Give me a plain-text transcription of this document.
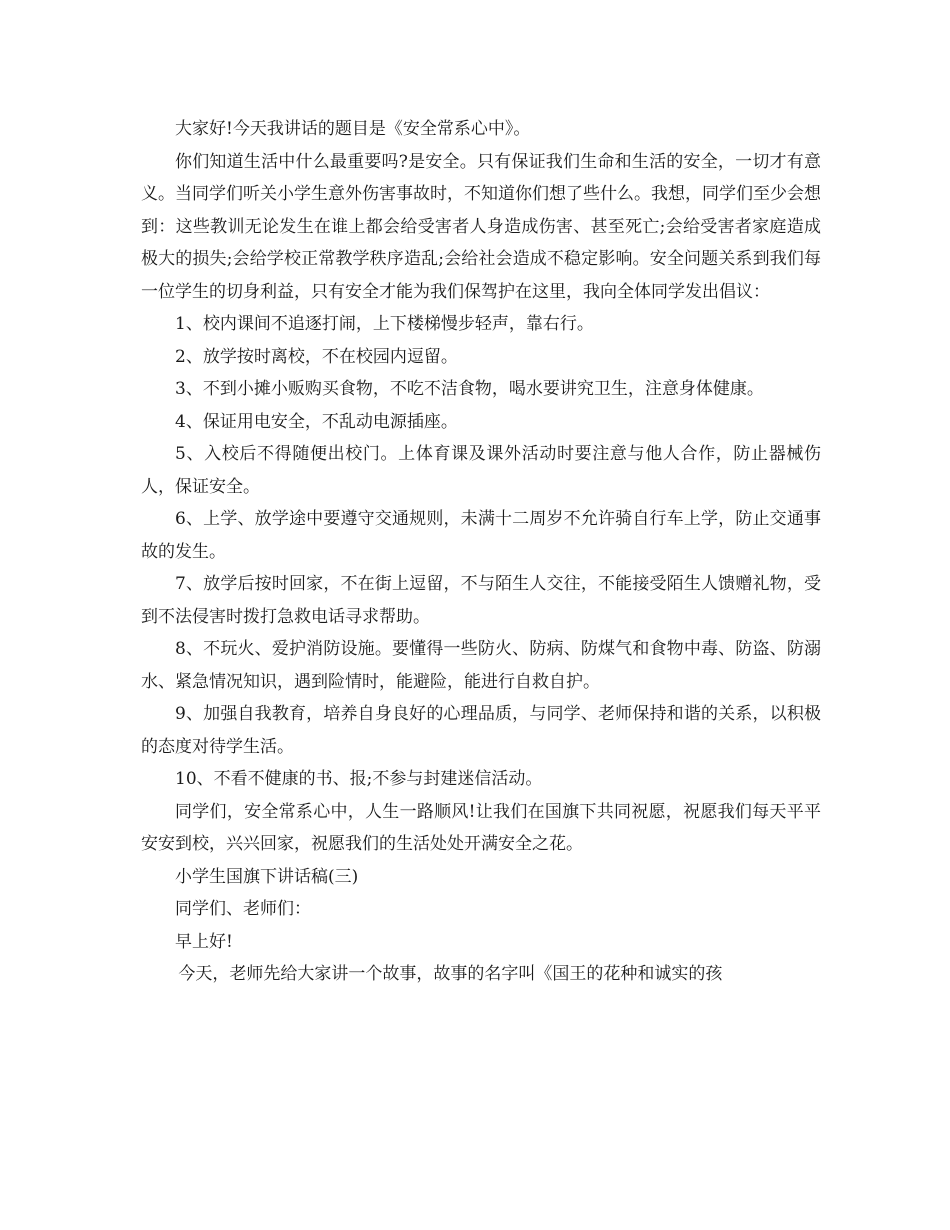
大家好!今天我讲话的题目是《安全常系心中》。

你们知道生活中什么最重要吗?是安全。只有保证我们生命和生活的安全，一切才有意义。当同学们听关小学生意外伤害事故时，不知道你们想了些什么。我想，同学们至少会想到：这些教训无论发生在谁上都会给受害者人身造成伤害、甚至死亡;会给受害者家庭造成极大的损失;会给学校正常教学秩序造乱;会给社会造成不稳定影响。安全问题关系到我们每一位学生的切身利益，只有安全才能为我们保驾护在这里，我向全体同学发出倡议：

1、校内课间不追逐打闹，上下楼梯慢步轻声，靠右行。

2、放学按时离校，不在校园内逗留。

3、不到小摊小贩购买食物，不吃不洁食物，喝水要讲究卫生，注意身体健康。

4、保证用电安全，不乱动电源插座。

5、入校后不得随便出校门。上体育课及课外活动时要注意与他人合作，防止器械伤人，保证安全。

6、上学、放学途中要遵守交通规则，未满十二周岁不允许骑自行车上学，防止交通事故的发生。

7、放学后按时回家，不在街上逗留，不与陌生人交往，不能接受陌生人馈赠礼物，受到不法侵害时拨打急救电话寻求帮助。

8、不玩火、爱护消防设施。要懂得一些防火、防病、防煤气和食物中毒、防盗、防溺水、紧急情况知识，遇到险情时，能避险，能进行自救自护。

9、加强自我教育，培养自身良好的心理品质，与同学、老师保持和谐的关系，以积极的态度对待学生活。

10、不看不健康的书、报;不参与封建迷信活动。

同学们，安全常系心中，人生一路顺风!让我们在国旗下共同祝愿，祝愿我们每天平平安安到校，兴兴回家，祝愿我们的生活处处开满安全之花。

小学生国旗下讲话稿(三)

同学们、老师们：

早上好!

今天，老师先给大家讲一个故事，故事的名字叫《国王的花种和诚实的孩
